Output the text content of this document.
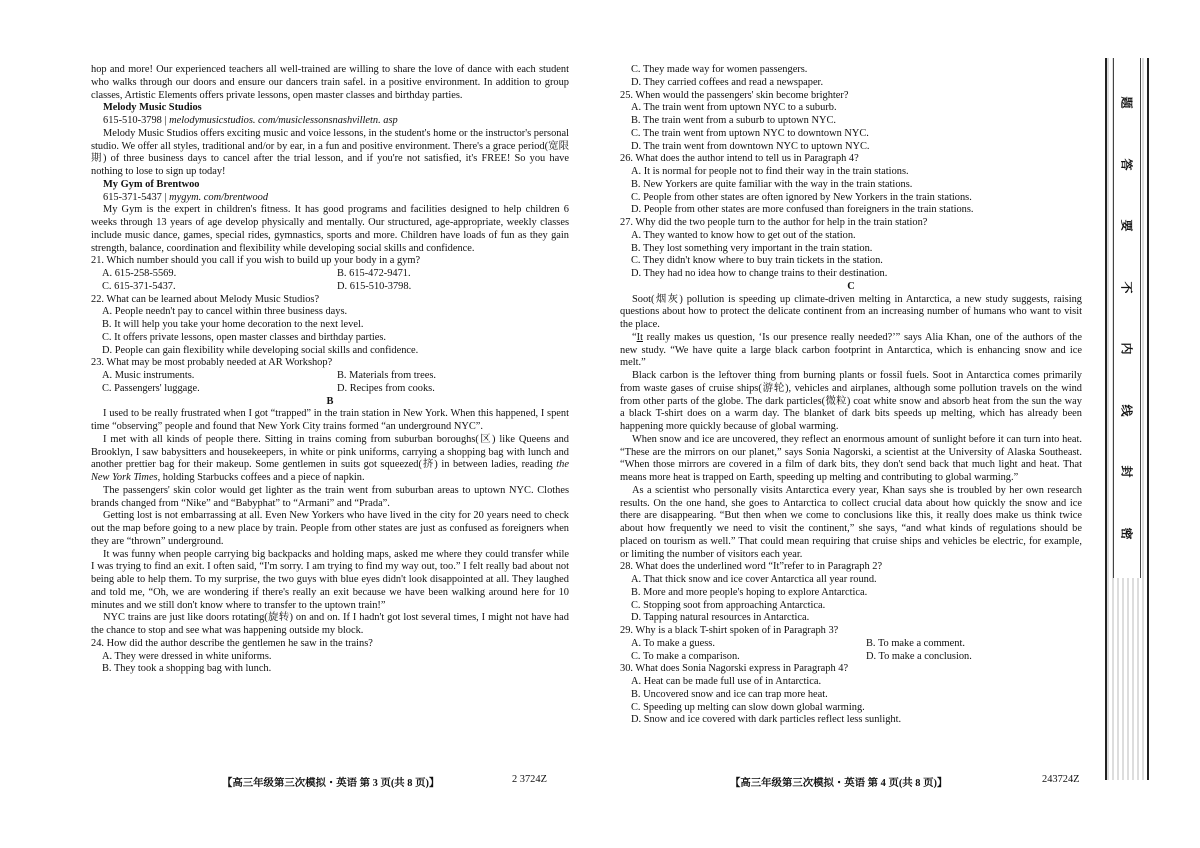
hop and more! Our experienced teachers all well-trained are willing to share the love of dance with each student who walks through our doors and ensure our dancers train safel. in a positive environment. In addition to group classes, Artistic Elements offers private lessons, open master classes and birthday parties.

Melody Music Studios

615-510-3798 | melodymusicstudios. com/musiclessonsnashvilletn. asp

Melody Music Studios offers exciting music and voice lessons, in the student's home or the instructor's personal studio. We offer all styles, traditional and/or by ear, in a fun and positive environment. There's a grace period(宽限期) of three business days to cancel after the trial lesson, and if you're not satisfied, it's FREE! So you have nothing to lose to sign up today!

My Gym of Brentwoo

615-371-5437 | mygym. com/brentwood

My Gym is the expert in children's fitness. It has good programs and facilities designed to help children 6 weeks through 13 years of age develop physically and mentally. Our structured, age-appropriate, weekly classes include music dance, games, special rides, gymnastics, sports and more. Children have loads of fun as they gain strength, balance, coordination and flexibility while developing social skills and confidence.

21. Which number should you call if you wish to build up your body in a gym?

A. 615-258-5569.	B. 615-472-9471.
C. 615-371-5437.	D. 615-510-3798.

22. What can be learned about Melody Music Studios?

A. People needn't pay to cancel within three business days.

B. It will help you take your home decoration to the next level.

C. It offers private lessons, open master classes and birthday parties.

D. People can gain flexibility while developing social skills and confidence.

23. What may be most probably needed at AR Workshop?

A. Music instruments.	B. Materials from trees.
C. Passengers' luggage.	D. Recipes from cooks.

B

I used to be really frustrated when I got “trapped” in the train station in New York. When this happened, I spent time “observing” people and found that New York City trains formed “an underground NYC”.

I met with all kinds of people there. Sitting in trains coming from suburban boroughs(区) like Queens and Brooklyn, I saw babysitters and housekeepers, in white or pink uniforms, carrying a shopping bag with lunch and another prettier bag for their makeup. Some gentlemen in suits got squeezed(挤) in between ladies, reading the New York Times, holding Starbucks coffees and a piece of napkin.

The passengers' skin color would get lighter as the train went from suburban areas to uptown NYC. Clothes brands changed from “Nike” and “Babyphat” to “Armani” and “Prada”.

Getting lost is not embarrassing at all. Even New Yorkers who have lived in the city for 20 years need to check out the map before going to a new place by train. People from other states are just as confused as foreigners when they are “thrown” underground.

It was funny when people carrying big backpacks and holding maps, asked me where they could transfer while I was trying to find an exit. I often said, “I'm sorry. I am trying to find my way out, too.” I felt really bad about not being able to help them. To my surprise, the two guys with blue eyes didn't look disappointed at all. They laughed and told me, “Oh, we are wondering if there's really an exit because we have been walking around here for 10 minutes and we still don't know where to transfer to the uptown train!”

NYC trains are just like doors rotating(旋转) on and on. If I hadn't got lost several times, I might not have had the chance to stop and see what was happening outside my block.

24. How did the author describe the gentlemen he saw in the trains?

A. They were dressed in white uniforms.

B. They took a shopping bag with lunch.

【高三年级第三次模拟・英语 第 3 页(共 8 页)】	2 3724Z

C. They made way for women passengers.

D. They carried coffees and read a newspaper.

25. When would the passengers' skin become brighter?

A. The train went from uptown NYC to a suburb.

B. The train went from a suburb to uptown NYC.

C. The train went from uptown NYC to downtown NYC.

D. The train went from downtown NYC to uptown NYC.

26. What does the author intend to tell us in Paragraph 4?

A. It is normal for people not to find their way in the train stations.

B. New Yorkers are quite familiar with the way in the train stations.

C. People from other states are often ignored by New Yorkers in the train stations.

D. People from other states are more confused than foreigners in the train stations.

27. Why did the two people turn to the author for help in the train station?

A. They wanted to know how to get out of the station.

B. They lost something very important in the train station.

C. They didn't know where to buy train tickets in the station.

D. They had no idea how to change trains to their destination.

C

Soot(烟灰) pollution is speeding up climate-driven melting in Antarctica, a new study suggests, raising questions about how to protect the delicate continent from an increasing number of humans who want to visit the place.

“It really makes us question, ‘Is our presence really needed?’” says Alia Khan, one of the authors of the new study. “We have quite a large black carbon footprint in Antarctica, which is enhancing snow and ice melt.”

Black carbon is the leftover thing from burning plants or fossil fuels. Soot in Antarctica comes primarily from waste gases of cruise ships(游轮), vehicles and airplanes, although some pollution travels on the wind from other parts of the globe. The dark particles(微粒) coat white snow and absorb heat from the sun the way a black T-shirt does on a warm day. The blanket of dark bits speeds up melting, which has already been happening more quickly because of global warming.

When snow and ice are uncovered, they reflect an enormous amount of sunlight before it can turn into heat. “These are the mirrors on our planet,” says Sonia Nagorski, a scientist at the University of Alaska Southeast. “When those mirrors are covered in a film of dark bits, they don't send back that much light and heat. That means more heat is trapped on Earth, speeding up melting and contributing to global warming.”

As a scientist who personally visits Antarctica every year, Khan says she is troubled by her own research results. On the one hand, she goes to Antarctica to collect crucial data about how quickly the snow and ice there are disappearing. “But then when we come to conclusions like this, it really does make us think twice about how frequently we need to visit the continent,” she says, “and what kinds of regulations should be placed on tourism as well.” That could mean requiring that cruise ships and vehicles be electric, for example, or limiting the number of visitors each year.

28. What does the underlined word “It”refer to in Paragraph 2?

A. That thick snow and ice cover Antarctica all year round.

B. More and more people's hoping to explore Antarctica.

C. Stopping soot from approaching Antarctica.

D. Tapping natural resources in Antarctica.

29. Why is a black T-shirt spoken of in Paragraph 3?

A. To make a guess.	B. To make a comment.
C. To make a comparison.	D. To make a conclusion.

30. What does Sonia Nagorski express in Paragraph 4?

A. Heat can be made full use of in Antarctica.

B. Uncovered snow and ice can trap more heat.

C. Speeding up melting can slow down global warming.

D. Snow and ice covered with dark particles reflect less sunlight.

【高三年级第三次模拟・英语 第 4 页(共 8 页)】	243724Z
题
答
要
不
内
线
封
密
